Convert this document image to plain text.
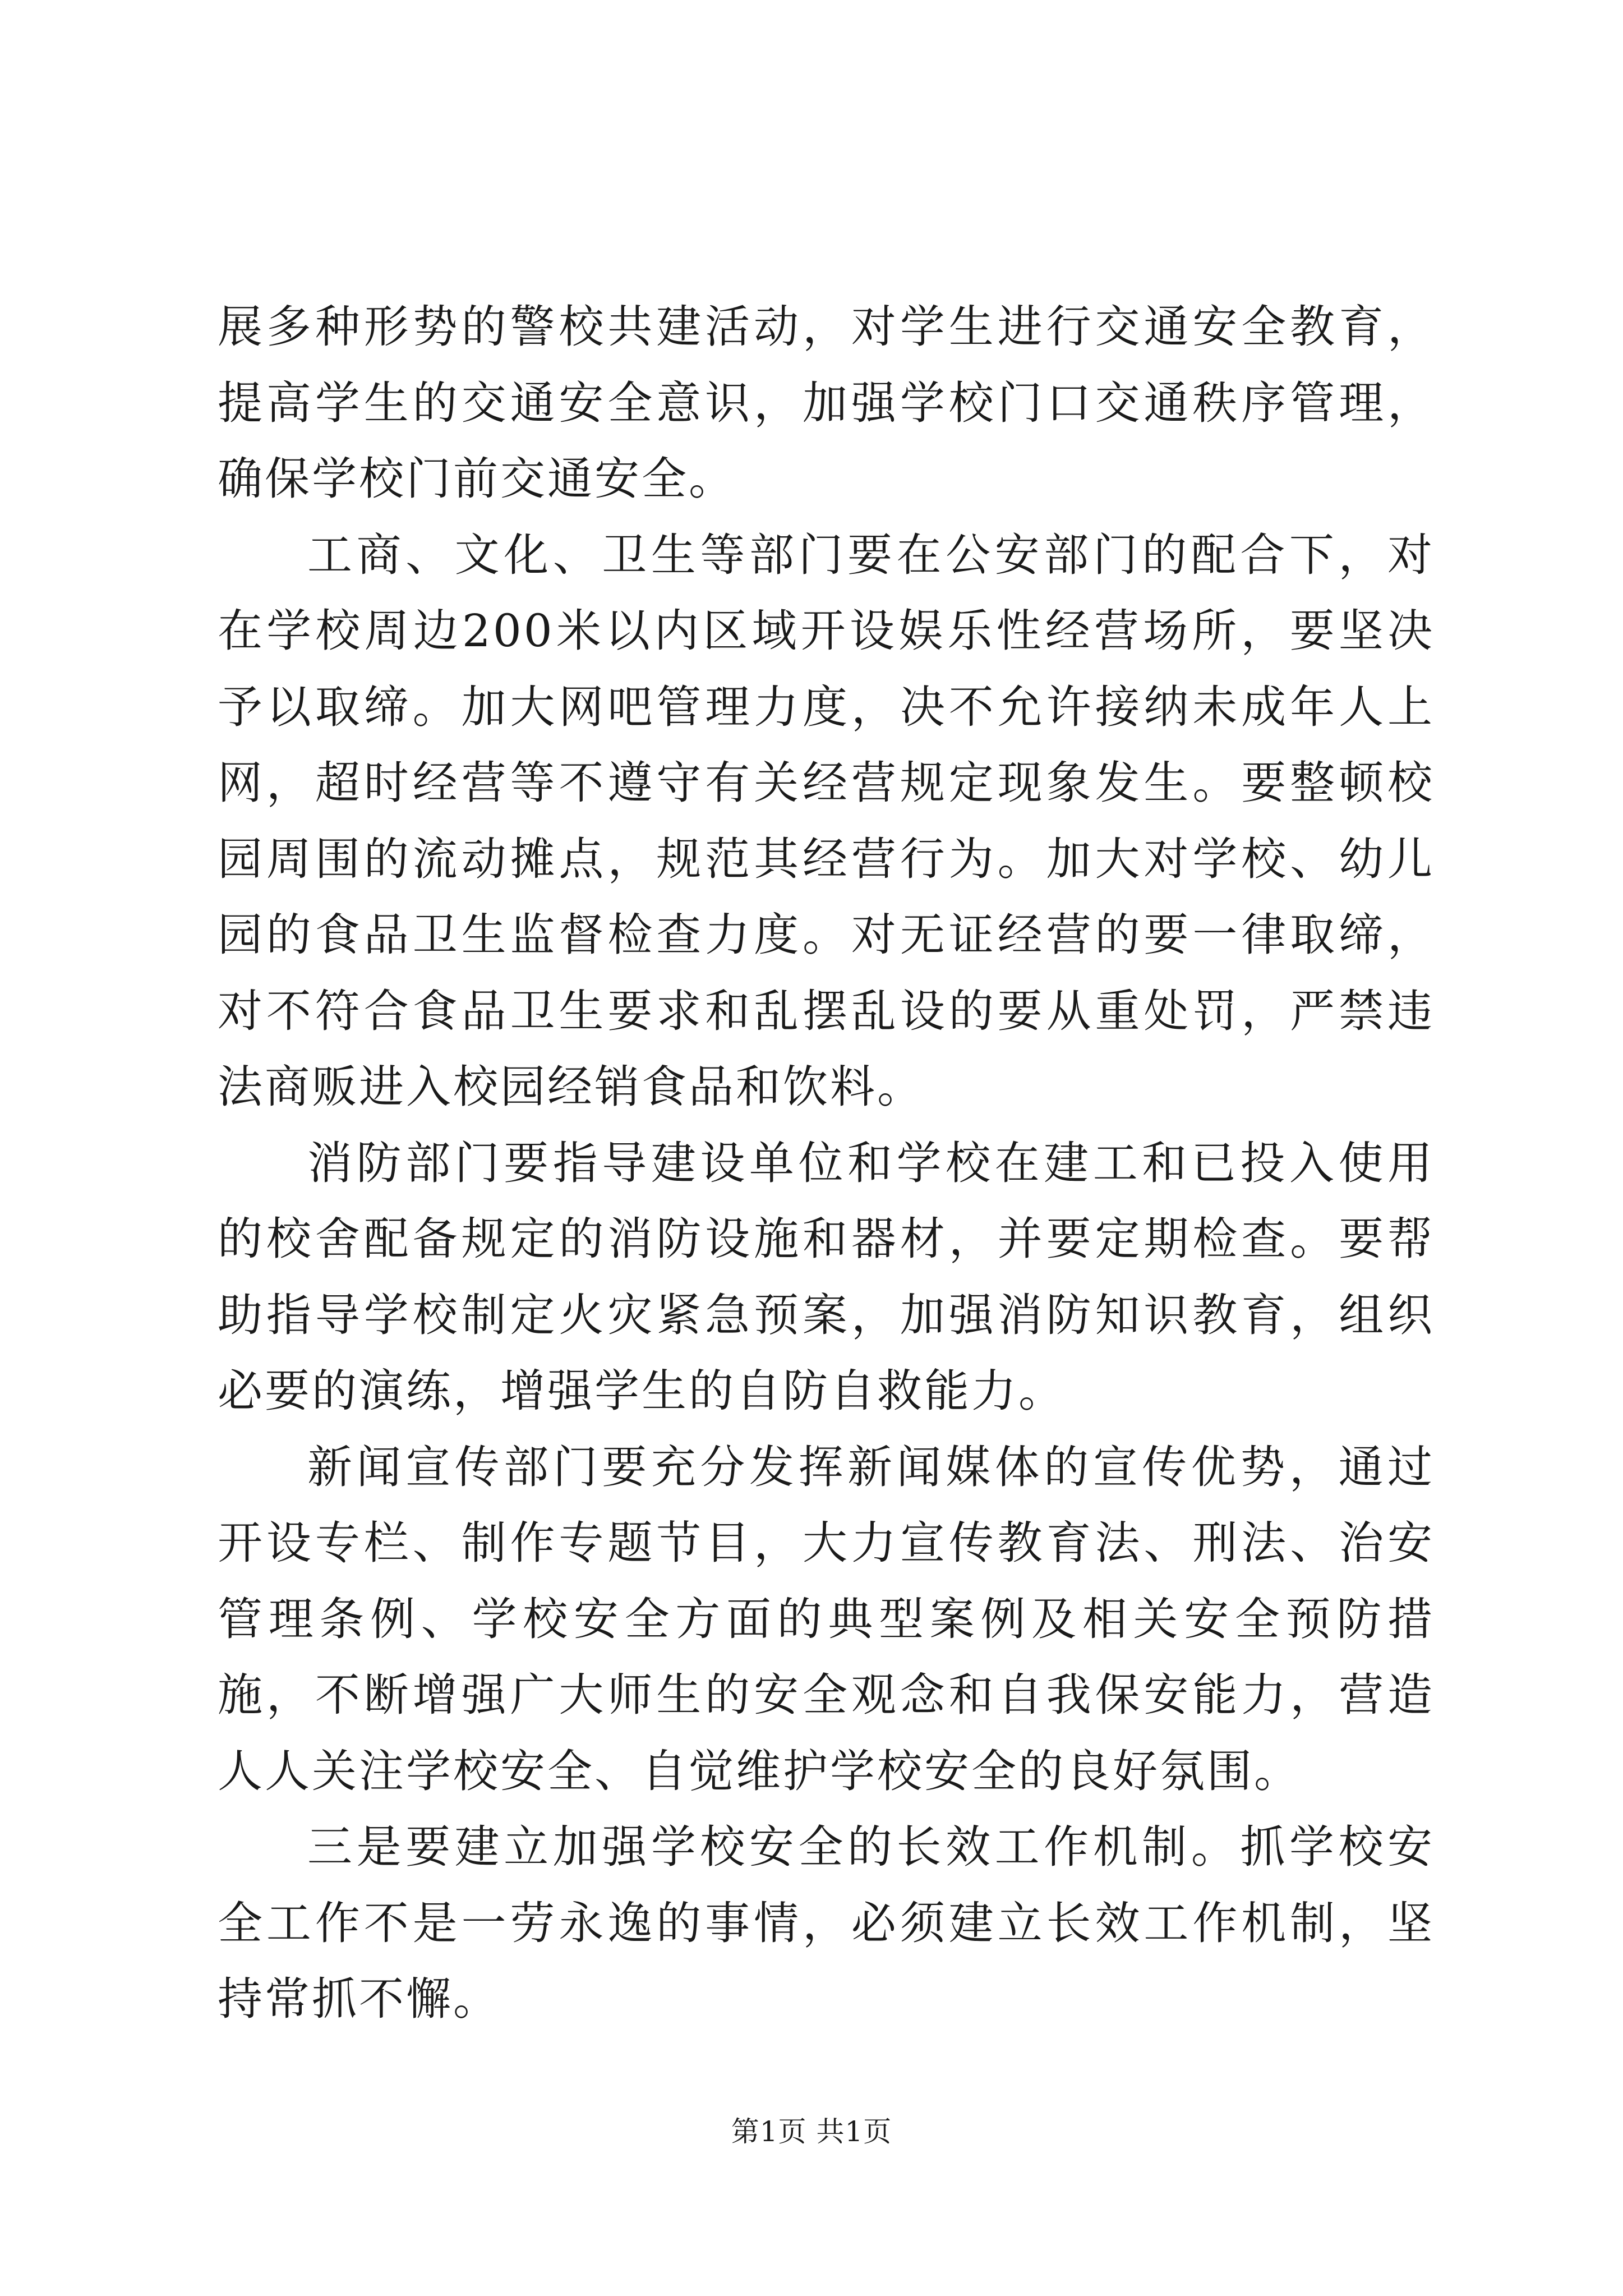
展多种形势的警校共建活动，对学生进行交通安全教育，提高学生的交通安全意识，加强学校门口交通秩序管理，确保学校门前交通安全。

工商、文化、卫生等部门要在公安部门的配合下，对在学校周边200米以内区域开设娱乐性经营场所，要坚决予以取缔。加大网吧管理力度，决不允许接纳未成年人上网，超时经营等不遵守有关经营规定现象发生。要整顿校园周围的流动摊点，规范其经营行为。加大对学校、幼儿园的食品卫生监督检查力度。对无证经营的要一律取缔，对不符合食品卫生要求和乱摆乱设的要从重处罚，严禁违法商贩进入校园经销食品和饮料。

消防部门要指导建设单位和学校在建工和已投入使用的校舍配备规定的消防设施和器材，并要定期检查。要帮助指导学校制定火灾紧急预案，加强消防知识教育，组织必要的演练，增强学生的自防自救能力。

新闻宣传部门要充分发挥新闻媒体的宣传优势，通过开设专栏、制作专题节目，大力宣传教育法、刑法、治安管理条例、学校安全方面的典型案例及相关安全预防措施，不断增强广大师生的安全观念和自我保安能力，营造人人关注学校安全、自觉维护学校安全的良好氛围。

三是要建立加强学校安全的长效工作机制。抓学校安全工作不是一劳永逸的事情，必须建立长效工作机制，坚持常抓不懈。

第1页 共1页
